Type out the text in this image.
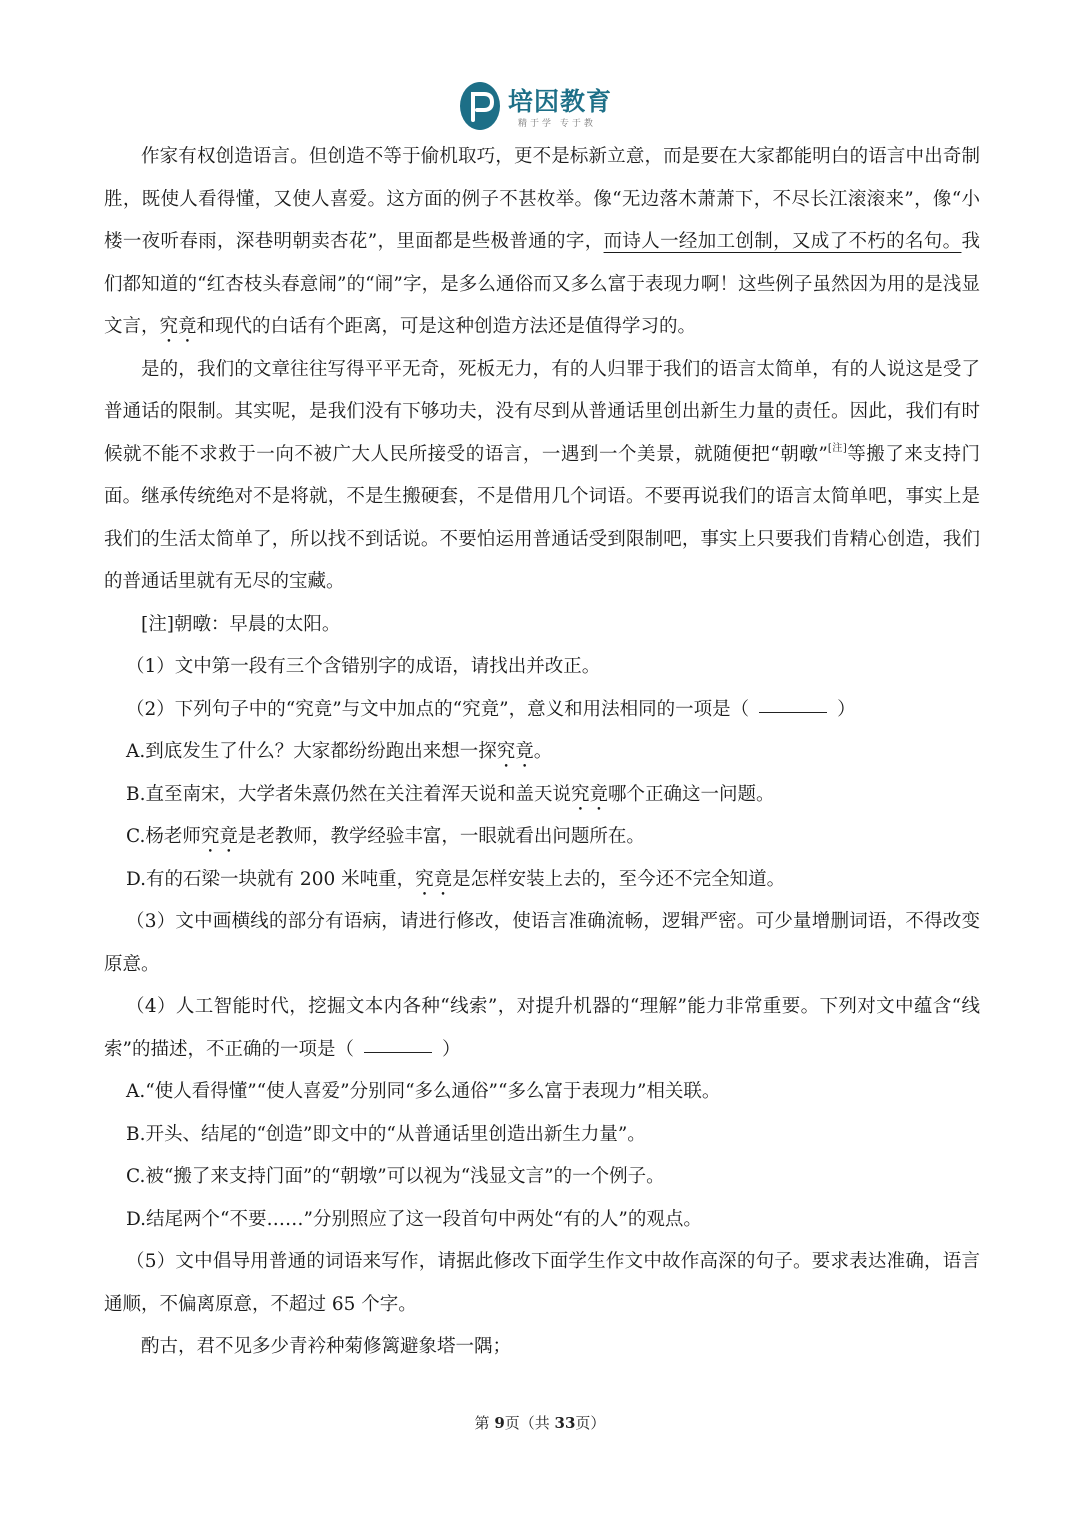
培因教育
精于学 专于教

作家有权创造语言。但创造不等于偷机取巧，更不是标新立意，而是要在大家都能明白的语言中出奇制胜，既使人看得懂，又使人喜爱。这方面的例子不甚枚举。像“无边落木萧萧下，不尽长江滚滚来”，像“小楼一夜听春雨，深巷明朝卖杏花”，里面都是些极普通的字，而诗人一经加工创制，又成了不朽的名句。我们都知道的“红杏枝头春意闹”的“闹”字，是多么通俗而又多么富于表现力啊！这些例子虽然因为用的是浅显文言，究竟和现代的白话有个距离，可是这种创造方法还是值得学习的。

是的，我们的文章往往写得平平无奇，死板无力，有的人归罪于我们的语言太简单，有的人说这是受了普通话的限制。其实呢，是我们没有下够功夫，没有尽到从普通话里创出新生力量的责任。因此，我们有时候就不能不求救于一向不被广大人民所接受的语言，一遇到一个美景，就随便把“朝暾”[注]等搬了来支持门面。继承传统绝对不是将就，不是生搬硬套，不是借用几个词语。不要再说我们的语言太简单吧，事实上是我们的生活太简单了，所以找不到话说。不要怕运用普通话受到限制吧，事实上只要我们肯精心创造，我们的普通话里就有无尽的宝藏。

[注]朝暾：早晨的太阳。

（1）文中第一段有三个含错别字的成语，请找出并改正。

（2）下列句子中的“究竟”与文中加点的“究竟”，意义和用法相同的一项是（	）

A.到底发生了什么？大家都纷纷跑出来想一探究竟。

B.直至南宋，大学者朱熹仍然在关注着浑天说和盖天说究竟哪个正确这一问题。

C.杨老师究竟是老教师，教学经验丰富，一眼就看出问题所在。

D.有的石梁一块就有 200 米吨重，究竟是怎样安装上去的，至今还不完全知道。

（3）文中画横线的部分有语病，请进行修改，使语言准确流畅，逻辑严密。可少量增删词语，不得改变原意。

（4）人工智能时代，挖掘文本内各种“线索”，对提升机器的“理解”能力非常重要。下列对文中蕴含“线索”的描述，不正确的一项是（	）

A.“使人看得懂”“使人喜爱”分别同“多么通俗”“多么富于表现力”相关联。

B.开头、结尾的“创造”即文中的“从普通话里创造出新生力量”。

C.被“搬了来支持门面”的“朝墩”可以视为“浅显文言”的一个例子。

D.结尾两个“不要……”分别照应了这一段首句中两处“有的人”的观点。

（5）文中倡导用普通的词语来写作，请据此修改下面学生作文中故作高深的句子。要求表达准确，语言通顺，不偏离原意，不超过 65 个字。

酌古，君不见多少青衿种菊修篱避象塔一隅；

第 9页（共 33页）
